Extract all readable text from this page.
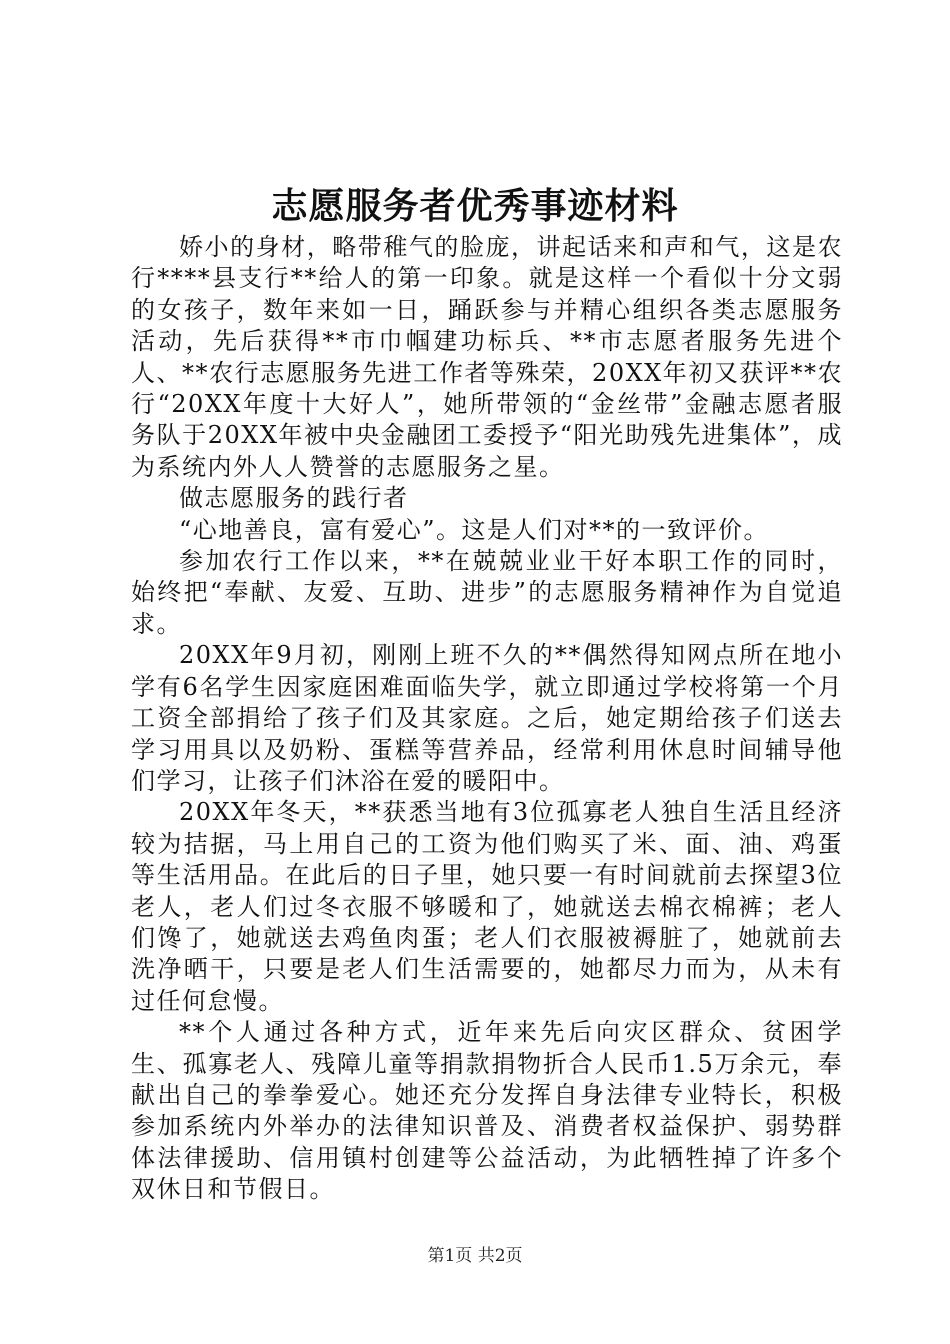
志愿服务者优秀事迹材料

娇小的身材，略带稚气的脸庞，讲起话来和声和气，这是农行****县支行**给人的第一印象。就是这样一个看似十分文弱的女孩子，数年来如一日，踊跃参与并精心组织各类志愿服务活动，先后获得**市巾帼建功标兵、**市志愿者服务先进个人、**农行志愿服务先进工作者等殊荣，20XX年初又获评**农行“20XX年度十大好人”，她所带领的“金丝带”金融志愿者服务队于20XX年被中央金融团工委授予“阳光助残先进集体”，成为系统内外人人赞誉的志愿服务之星。

做志愿服务的践行者

“心地善良，富有爱心”。这是人们对**的一致评价。

参加农行工作以来，**在兢兢业业干好本职工作的同时，始终把“奉献、友爱、互助、进步”的志愿服务精神作为自觉追求。

20XX年9月初，刚刚上班不久的**偶然得知网点所在地小学有6名学生因家庭困难面临失学，就立即通过学校将第一个月工资全部捐给了孩子们及其家庭。之后，她定期给孩子们送去学习用具以及奶粉、蛋糕等营养品，经常利用休息时间辅导他们学习，让孩子们沐浴在爱的暖阳中。

20XX年冬天，**获悉当地有3位孤寡老人独自生活且经济较为拮据，马上用自己的工资为他们购买了米、面、油、鸡蛋等生活用品。在此后的日子里，她只要一有时间就前去探望3位老人，老人们过冬衣服不够暖和了，她就送去棉衣棉裤；老人们馋了，她就送去鸡鱼肉蛋；老人们衣服被褥脏了，她就前去洗净晒干，只要是老人们生活需要的，她都尽力而为，从未有过任何怠慢。

**个人通过各种方式，近年来先后向灾区群众、贫困学生、孤寡老人、残障儿童等捐款捐物折合人民币1.5万余元，奉献出自己的拳拳爱心。她还充分发挥自身法律专业特长，积极参加系统内外举办的法律知识普及、消费者权益保护、弱势群体法律援助、信用镇村创建等公益活动，为此牺牲掉了许多个双休日和节假日。

第1页 共2页
